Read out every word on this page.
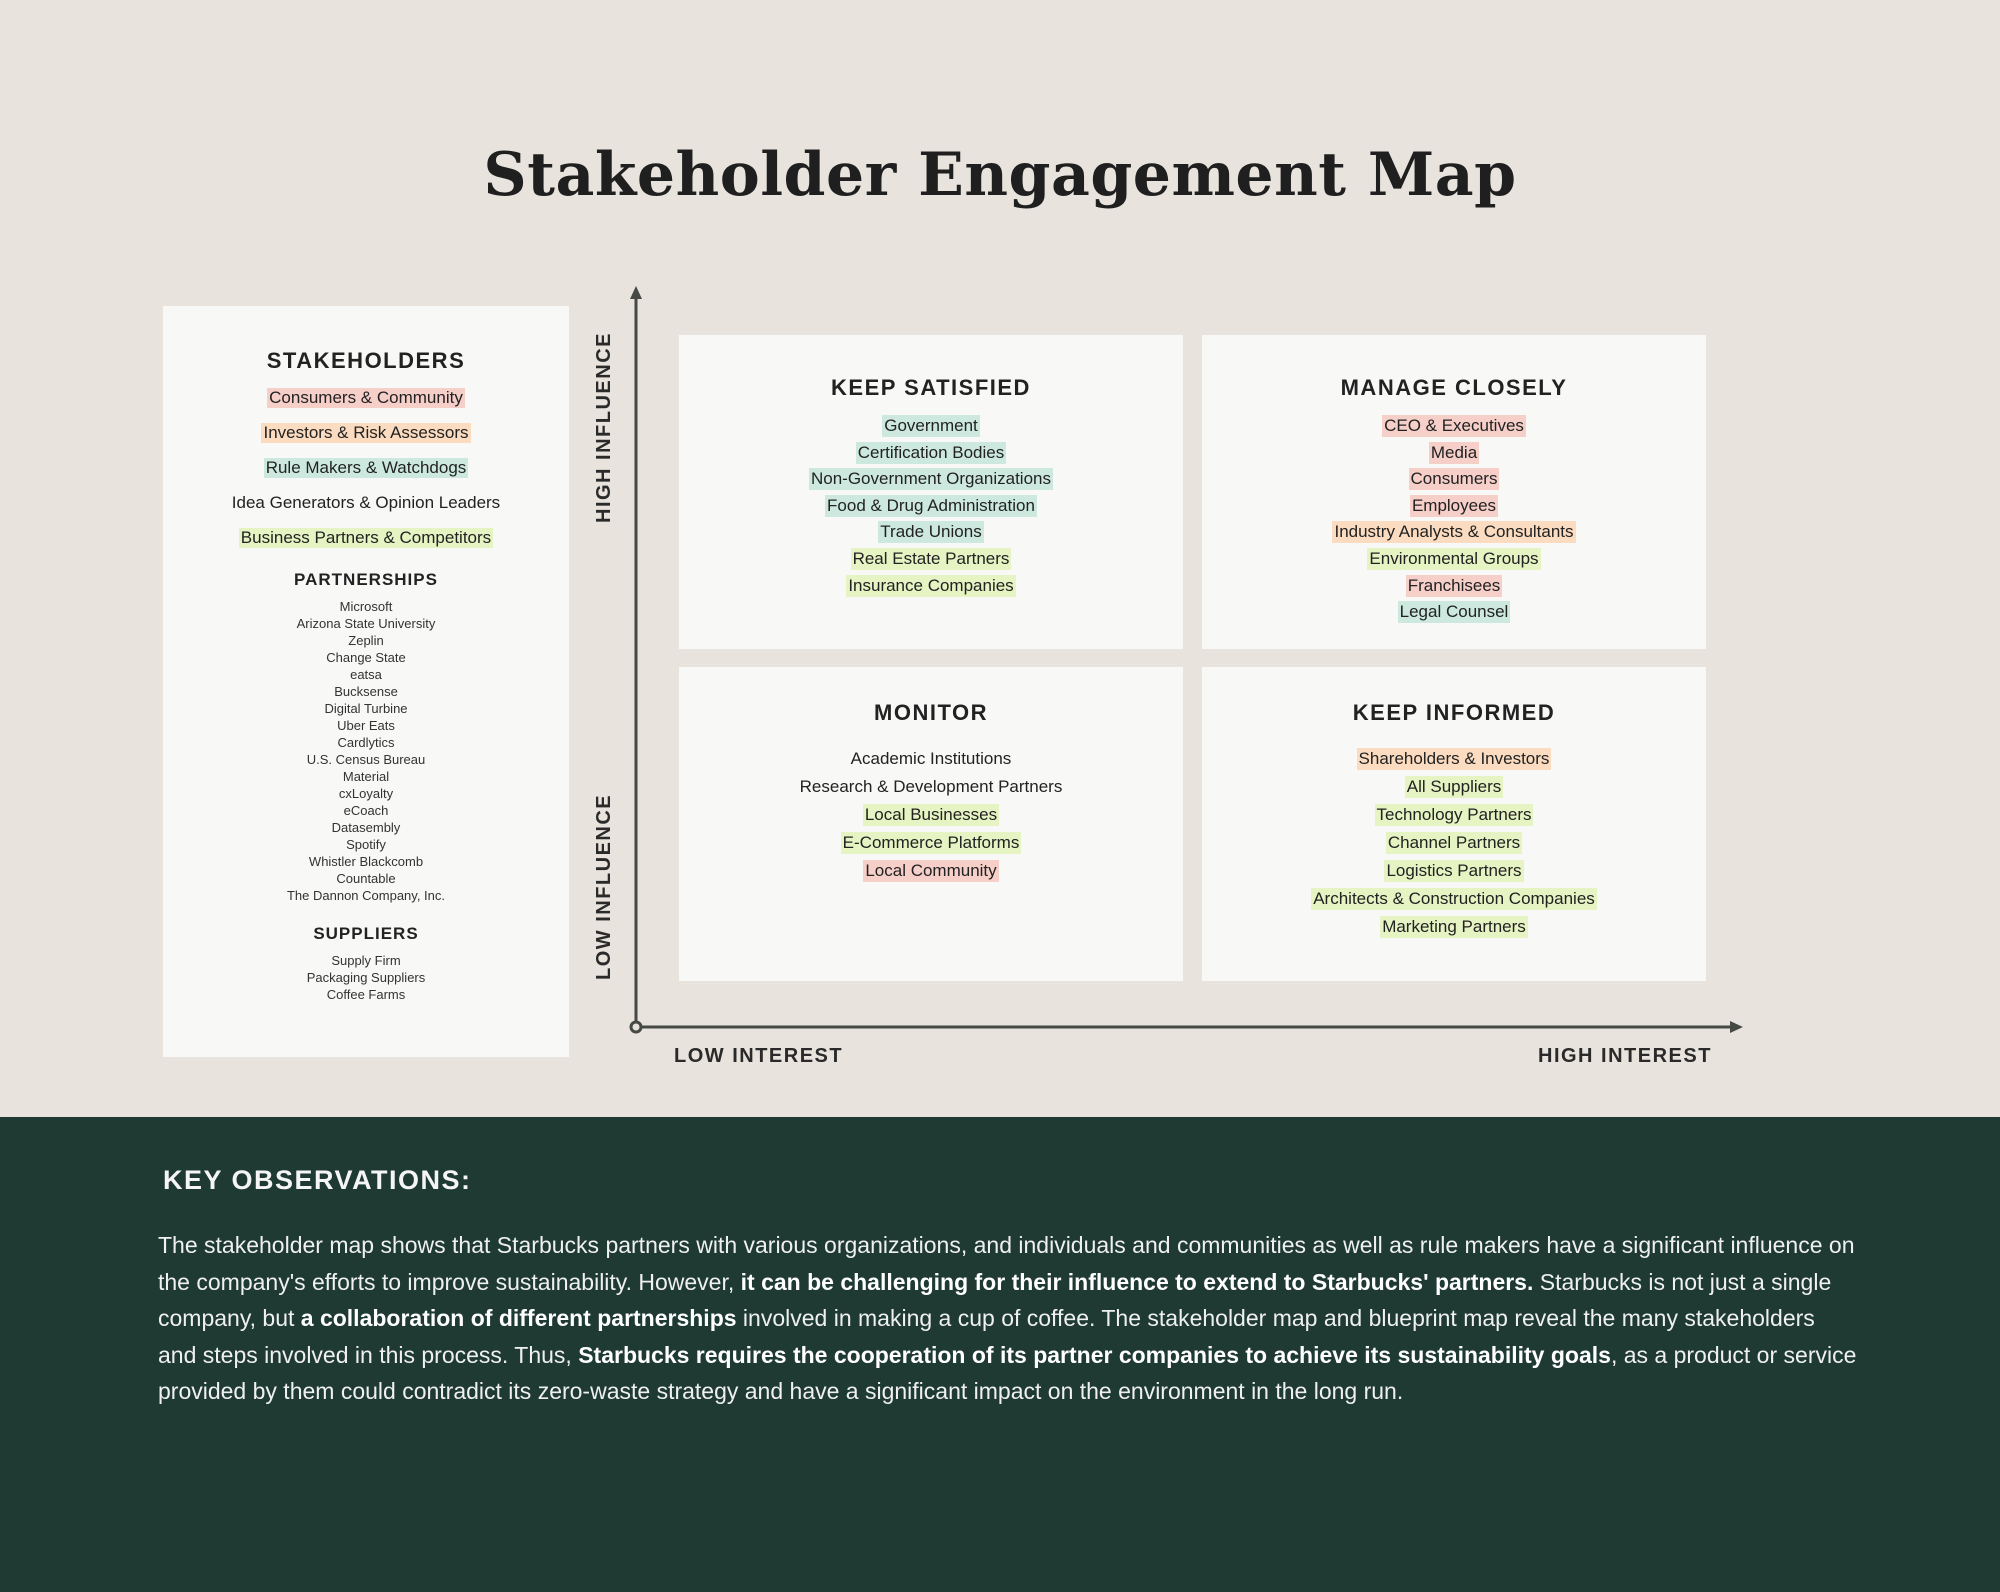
Stakeholder Engagement Map
STAKEHOLDERS
Consumers & Community
Investors & Risk Assessors
Rule Makers & Watchdogs
Idea Generators & Opinion Leaders
Business Partners & Competitors
PARTNERSHIPS
Microsoft
Arizona State University
Zeplin
Change State
eatsa
Bucksense
Digital Turbine
Uber Eats
Cardlytics
U.S. Census Bureau
Material
cxLoyalty
eCoach
Datasembly
Spotify
Whistler Blackcomb
Countable
The Dannon Company, Inc.
SUPPLIERS
Supply Firm
Packaging Suppliers
Coffee Farms
HIGH INFLUENCE
LOW INFLUENCE
LOW INTEREST	HIGH INTEREST
KEEP SATISFIED
Government
Certification Bodies
Non-Government Organizations
Food & Drug Administration
Trade Unions
Real Estate Partners
Insurance Companies
MANAGE CLOSELY
CEO & Executives
Media
Consumers
Employees
Industry Analysts & Consultants
Environmental Groups
Franchisees
Legal Counsel
MONITOR
Academic Institutions
Research & Development Partners
Local Businesses
E-Commerce Platforms
Local Community
KEEP INFORMED
Shareholders & Investors
All Suppliers
Technology Partners
Channel Partners
Logistics Partners
Architects & Construction Companies
Marketing Partners
KEY OBSERVATIONS:
The stakeholder map shows that Starbucks partners with various organizations, and individuals and communities as well as rule makers have a significant influence on the company's efforts to improve sustainability. However, it can be challenging for their influence to extend to Starbucks' partners. Starbucks is not just a single company, but a collaboration of different partnerships involved in making a cup of coffee. The stakeholder map and blueprint map reveal the many stakeholders and steps involved in this process. Thus, Starbucks requires the cooperation of its partner companies to achieve its sustainability goals, as a product or service provided by them could contradict its zero-waste strategy and have a significant impact on the environment in the long run.
